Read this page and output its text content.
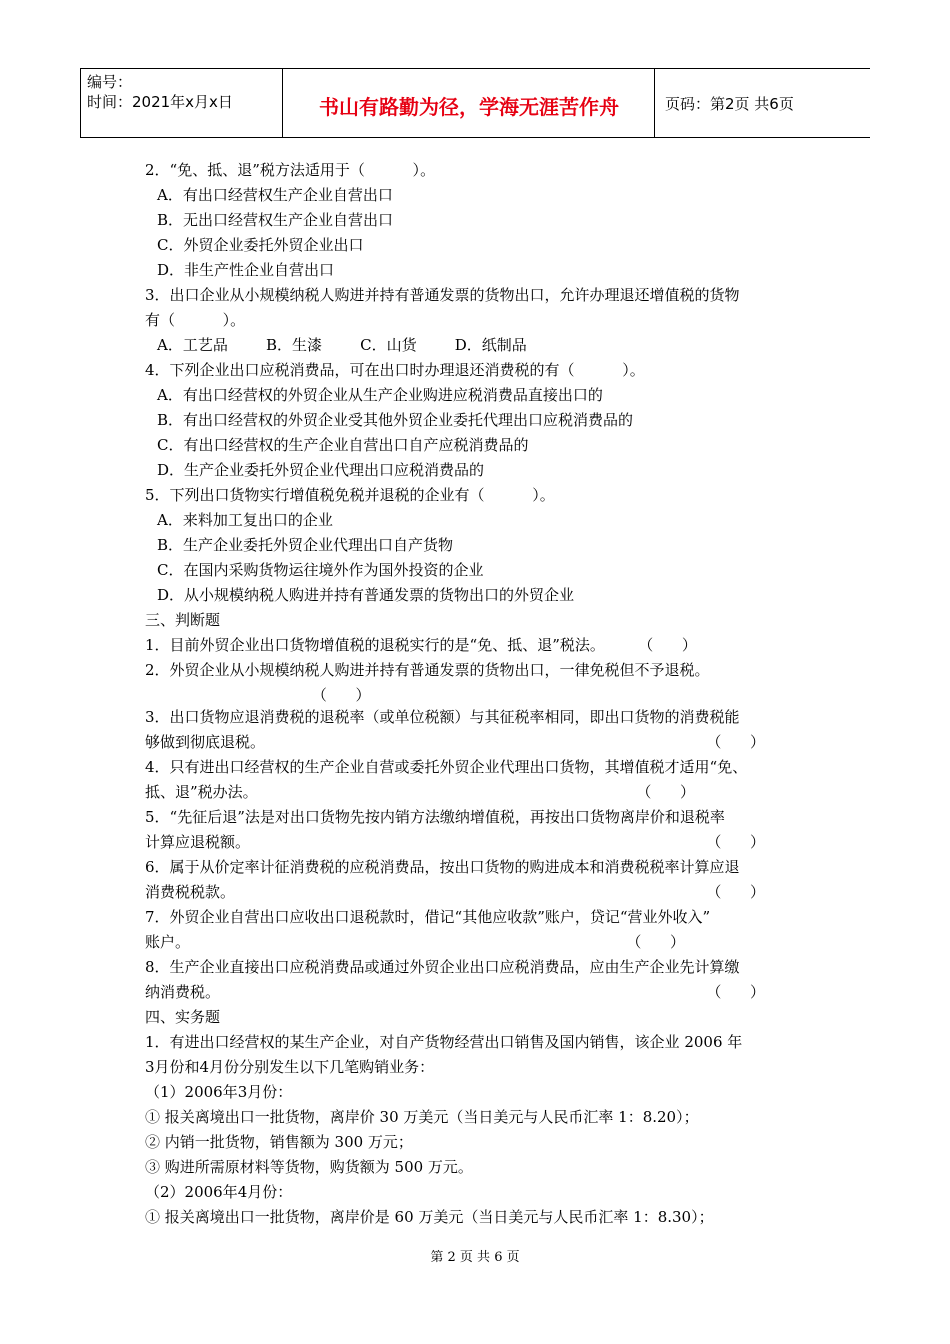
编号：
时间：2021年x月x日	书山有路勤为径，学海无涯苦作舟	页码：第2页 共6页
2．“免、抵、退”税方法适用于（          ）。
A．有出口经营权生产企业自营出口
B．无出口经营权生产企业自营出口
C．外贸企业委托外贸企业出口
D．非生产性企业自营出口
3．出口企业从小规模纳税人购进并持有普通发票的货物出口，允许办理退还增值税的货物
有（          ）。
A．工艺品        B．生漆        C．山货        D．纸制品
4．下列企业出口应税消费品，可在出口时办理退还消费税的有（          ）。
A．有出口经营权的外贸企业从生产企业购进应税消费品直接出口的
B．有出口经营权的外贸企业受其他外贸企业委托代理出口应税消费品的
C．有出口经营权的生产企业自营出口自产应税消费品的
D．生产企业委托外贸企业代理出口应税消费品的
5．下列出口货物实行增值税免税并退税的企业有（          ）。
A．来料加工复出口的企业
B．生产企业委托外贸企业代理出口自产货物
C．在国内采购货物运往境外作为国外投资的企业
D．从小规模纳税人购进并持有普通发票的货物出口的外贸企业
三、判断题
1．目前外贸企业出口货物增值税的退税实行的是“免、抵、退”税法。       （      ）
2．外贸企业从小规模纳税人购进并持有普通发票的货物出口，一律免税但不予退税。
（      ）
3．出口货物应退消费税的退税率（或单位税额）与其征税率相同，即出口货物的消费税能
够做到彻底退税。	（      ）
4．只有进出口经营权的生产企业自营或委托外贸企业代理出口货物，其增值税才适用“免、
抵、退”税办法。	（      ）
5．“先征后退”法是对出口货物先按内销方法缴纳增值税，再按出口货物离岸价和退税率
计算应退税额。	（      ）
6．属于从价定率计征消费税的应税消费品，按出口货物的购进成本和消费税税率计算应退
消费税税款。	（      ）
7．外贸企业自营出口应收出口退税款时，借记“其他应收款”账户，贷记“营业外收入”
账户。	（      ）
8．生产企业直接出口应税消费品或通过外贸企业出口应税消费品，应由生产企业先计算缴
纳消费税。	（      ）
四、实务题
1．有进出口经营权的某生产企业，对自产货物经营出口销售及国内销售，该企业 2006 年
3月份和4月份分别发生以下几笔购销业务：
（1）2006年3月份：
① 报关离境出口一批货物，离岸价 30 万美元（当日美元与人民币汇率 1：8.20）；
② 内销一批货物，销售额为 300 万元；
③ 购进所需原材料等货物，购货额为 500 万元。
（2）2006年4月份：
① 报关离境出口一批货物，离岸价是 60 万美元（当日美元与人民币汇率 1：8.30）；
第 2 页 共 6 页
